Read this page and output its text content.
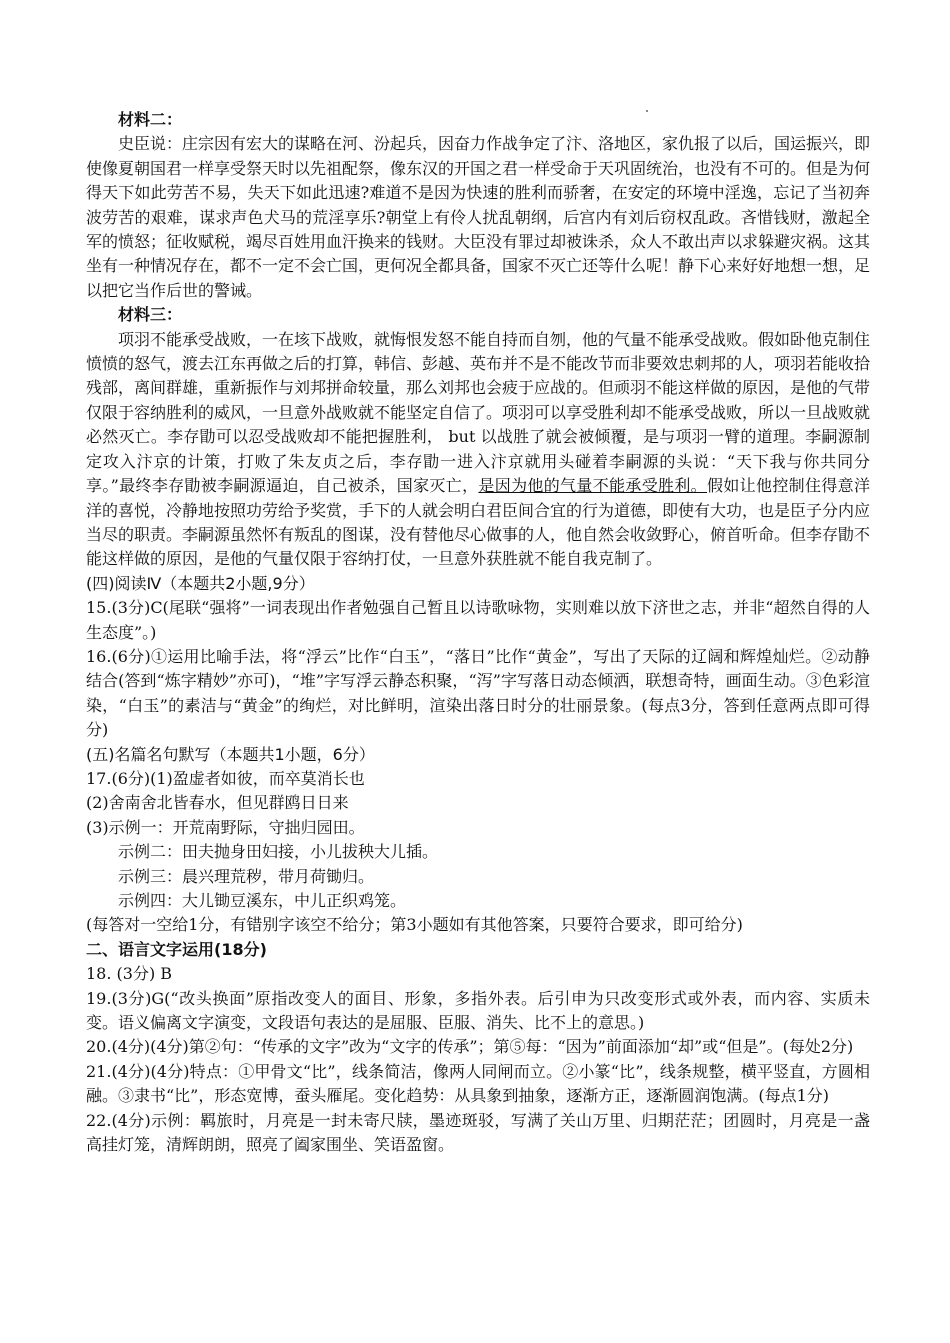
材料二：

史臣说：庄宗因有宏大的谋略在河、汾起兵，因奋力作战争定了汴、洛地区，家仇报了以后，国运振兴，即使像夏朝国君一样享受祭天时以先祖配祭，像东汉的开国之君一样受命于天巩固统治，也没有不可的。但是为何得天下如此劳苦不易，失天下如此迅速?难道不是因为快速的胜利而骄奢，在安定的环境中淫逸，忘记了当初奔波劳苦的艰难，谋求声色犬马的荒淫享乐?朝堂上有伶人扰乱朝纲，后宫内有刘后窃权乱政。吝惜钱财，激起全军的愤怒；征收赋税，竭尽百姓用血汗换来的钱财。大臣没有罪过却被诛杀，众人不敢出声以求躲避灾祸。这其坐有一种情况存在，都不一定不会亡国，更何况全都具备，国家不灭亡还等什么呢！静下心来好好地想一想，足以把它当作后世的警诫。

材料三：

项羽不能承受战败，一在垓下战败，就悔恨发怒不能自持而自刎，他的气量不能承受战败。假如卧他克制住愤愤的怒气，渡去江东再做之后的打算，韩信、彭越、英布并不是不能改节而非要效忠刺邦的人，项羽若能收拾残部，离间群雄，重新振作与刘邦拼命较量，那么刘邦也会疲于应战的。但顽羽不能这样做的原因，是他的气带仅限于容纳胜利的威风，一旦意外战败就不能坚定自信了。项羽可以享受胜利却不能承受战败，所以一旦战败就必然灭亡。李存勖可以忍受战败却不能把握胜利， but 以战胜了就会被倾覆，是与项羽一臂的道理。李嗣源制定攻入汴京的计策，打败了朱友贞之后，李存勖一进入汴京就用头碰着李嗣源的头说：“天下我与你共同分享。”最终李存勖被李嗣源逼迫，自己被杀，国家灭亡，是因为他的气量不能承受胜利。假如让他控制住得意洋洋的喜悦，冷静地按照功劳给予奖赏，手下的人就会明白君臣间合宜的行为道德，即使有大功，也是臣子分内应当尽的职责。李嗣源虽然怀有叛乱的图谋，没有替他尽心做事的人，他自然会收敛野心，俯首听命。但李存勖不能这样做的原因，是他的气量仅限于容纳打仗，一旦意外获胜就不能自我克制了。

(四)阅读Ⅳ（本题共2小题,9分）

15.(3分)C(尾联“强将”一词表现出作者勉强自己暂且以诗歌咏物，实则难以放下济世之志，并非“超然自得的人生态度”。)

16.(6分)①运用比喻手法，将“浮云”比作“白玉”，“落日”比作“黄金”，写出了天际的辽阔和辉煌灿烂。②动静结合(答到“炼字精妙”亦可)，“堆”字写浮云静态积聚，“泻”字写落日动态倾洒，联想奇特，画面生动。③色彩渲染，“白玉”的素洁与“黄金”的绚烂，对比鲜明，渲染出落日时分的壮丽景象。(每点3分，答到任意两点即可得分)

(五)名篇名句默写（本题共1小题，6分）

17.(6分)(1)盈虚者如彼，而卒莫消长也

(2)舍南舍北皆春水，但见群鸥日日来

(3)示例一：开荒南野际，守拙归园田。

示例二：田夫抛身田妇接，小儿拔秧大儿插。

示例三：晨兴理荒秽，带月荷锄归。

示例四：大儿锄豆溪东，中儿正织鸡笼。

(每答对一空给1分，有错别字该空不给分；第3小题如有其他答案，只要符合要求，即可给分)

二、语言文字运用(18分)

18. (3分) B

19.(3分)G(“改头换面”原指改变人的面目、形象，多指外表。后引申为只改变形式或外表，而内容、实质未变。语义偏离文字演变，文段语句表达的是屈服、臣服、消失、比不上的意思。)

20.(4分)(4分)第②句：“传承的文字”改为“文字的传承”；第⑤每：“因为”前面添加“却”或“但是”。(每处2分)

21.(4分)(4分)特点：①甲骨文“比”，线条简洁，像两人同闸而立。②小篆“比”，线条规整，横平竖直，方圆相融。③隶书“比”，形态宽博，蚕头雁尾。变化趋势：从具象到抽象，逐渐方正，逐渐圆润饱满。(每点1分)

22.(4分)示例：羁旅时，月亮是一封未寄尺牍，墨迹斑驳，写满了关山万里、归期茫茫；团圆时，月亮是一盏高挂灯笼，清辉朗朗，照亮了阖家围坐、笑语盈窗。
